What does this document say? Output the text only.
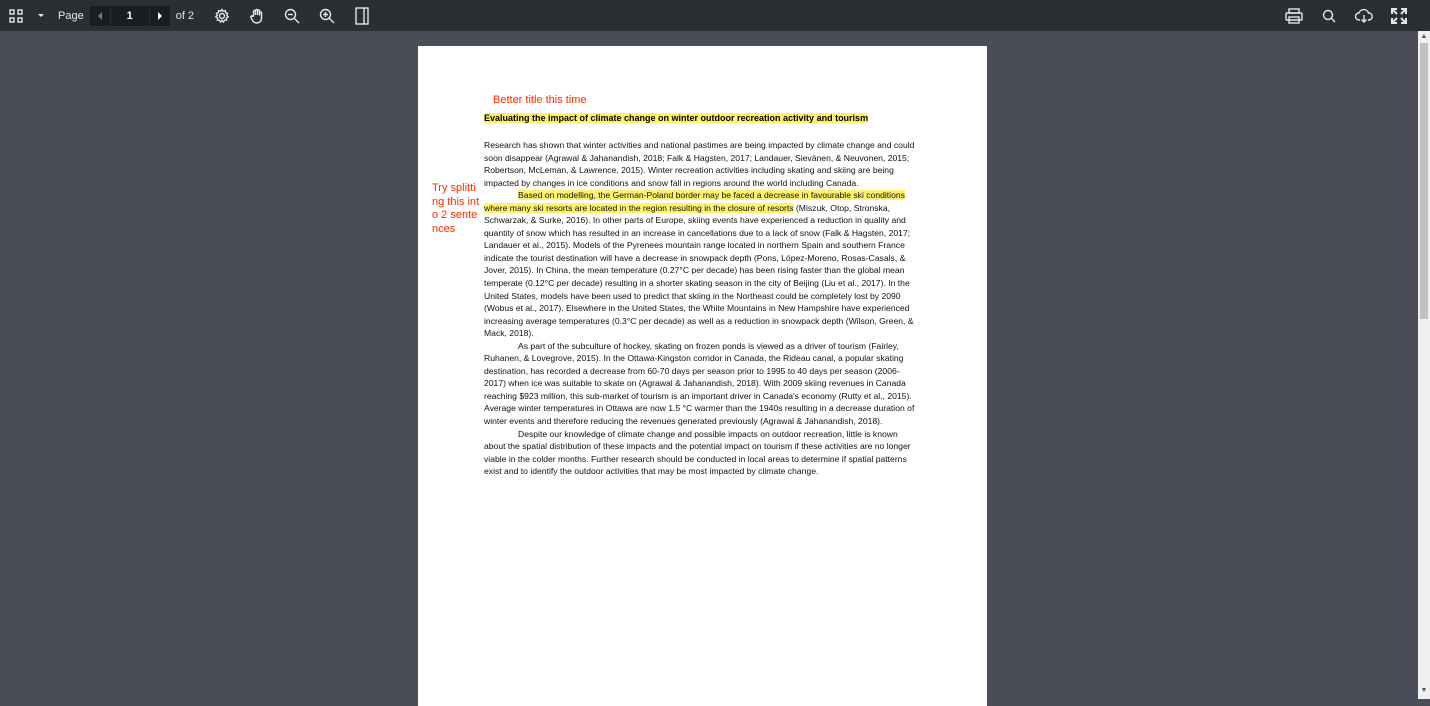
Page
1	of 2
Better title this time
Evaluating the impact of climate change on winter outdoor recreation activity and tourism
Try splitting this into 2 sentences

Research has shown that winter activities and national pastimes are being impacted by climate change and could soon disappear (Agrawal & Jahanandish, 2018; Falk & Hagsten, 2017; Landauer, Sievänen, & Neuvonen, 2015; Robertson, McLeman, & Lawrence, 2015). Winter recreation activities including skating and skiing are being impacted by changes in ice conditions and snow fall in regions around the world including Canada.

Based on modelling, the German-Poland border may be faced a decrease in favourable ski conditions where many ski resorts are located in the region resulting in the closure of resorts (Miszuk, Otop, Stronska, Schwarzak, & Surke, 2016). In other parts of Europe, skiing events have experienced a reduction in quality and quantity of snow which has resulted in an increase in cancellations due to a lack of snow (Falk & Hagsten, 2017; Landauer et al., 2015). Models of the Pyrenees mountain range located in northern Spain and southern France indicate the tourist destination will have a decrease in snowpack depth (Pons, López-Moreno, Rosas-Casals, & Jover, 2015). In China, the mean temperature (0.27°C per decade) has been rising faster than the global mean temperate (0.12°C per decade) resulting in a shorter skating season in the city of Beijing (Liu et al., 2017). In the United States, models have been used to predict that skiing in the Northeast could be completely lost by 2090 (Wobus et al., 2017). Elsewhere in the United States, the White Mountains in New Hampshire have experienced increasing average temperatures (0.3°C per decade) as well as a reduction in snowpack depth (Wilson, Green, & Mack, 2018).

As part of the subculture of hockey, skating on frozen ponds is viewed as a driver of tourism (Fairley, Ruhanen, & Lovegrove, 2015). In the Ottawa-Kingston corridor in Canada, the Rideau canal, a popular skating destination, has recorded a decrease from 60-70 days per season prior to 1995 to 40 days per season (2006-2017) when ice was suitable to skate on (Agrawal & Jahanandish, 2018). With 2009 skiing revenues in Canada reaching $923 million, this sub-market of tourism is an important driver in Canada's economy (Rutty et al., 2015). Average winter temperatures in Ottawa are now 1.5 °C warmer than the 1940s resulting in a decrease duration of winter events and therefore reducing the revenues generated previously (Agrawal & Jahanandish, 2018).

Despite our knowledge of climate change and possible impacts on outdoor recreation, little is known about the spatial distribution of these impacts and the potential impact on tourism if these activities are no longer viable in the colder months. Further research should be conducted in local areas to determine if spatial patterns exist and to identify the outdoor activities that may be most impacted by climate change.

▲
▼
